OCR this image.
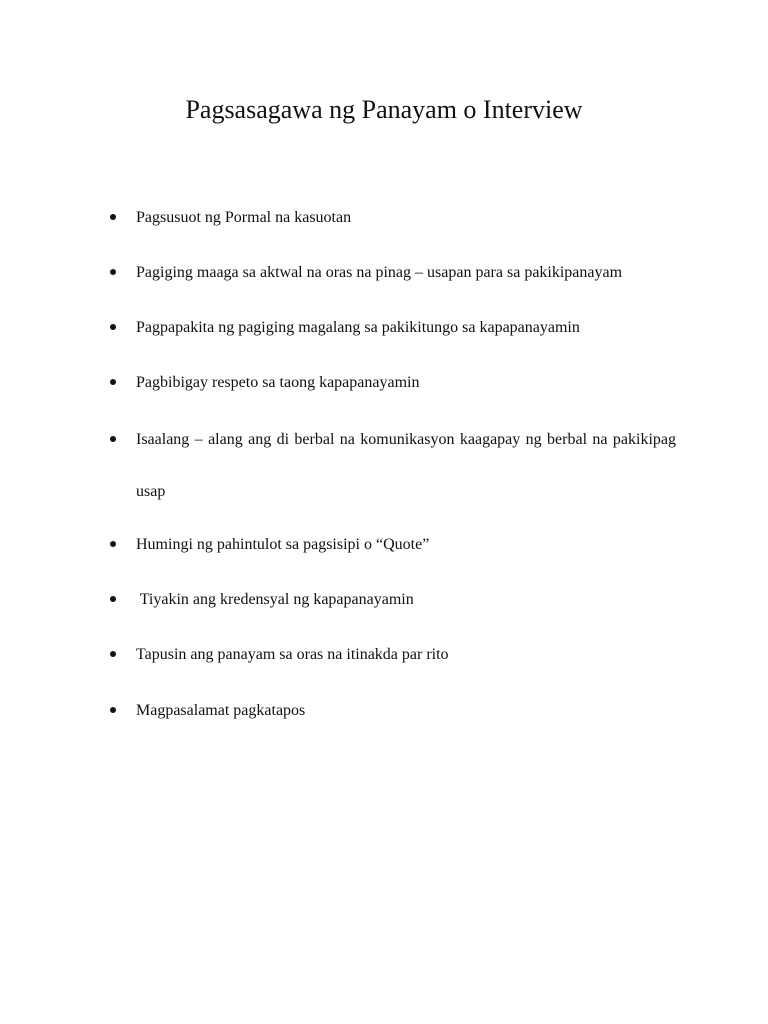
Pagsasagawa ng Panayam o Interview
Pagsusuot ng Pormal na kasuotan
Pagiging maaga sa aktwal na oras na pinag – usapan para sa pakikipanayam
Pagpapakita ng pagiging magalang sa pakikitungo sa kapapanayamin
Pagbibigay respeto sa taong kapapanayamin
Isaalang – alang ang di berbal na komunikasyon kaagapay ng berbal na pakikipag usap
Humingi ng pahintulot sa pagsisipi o “Quote”
Tiyakin ang kredensyal ng kapapanayamin
Tapusin ang panayam sa oras na itinakda par rito
Magpasalamat pagkatapos
